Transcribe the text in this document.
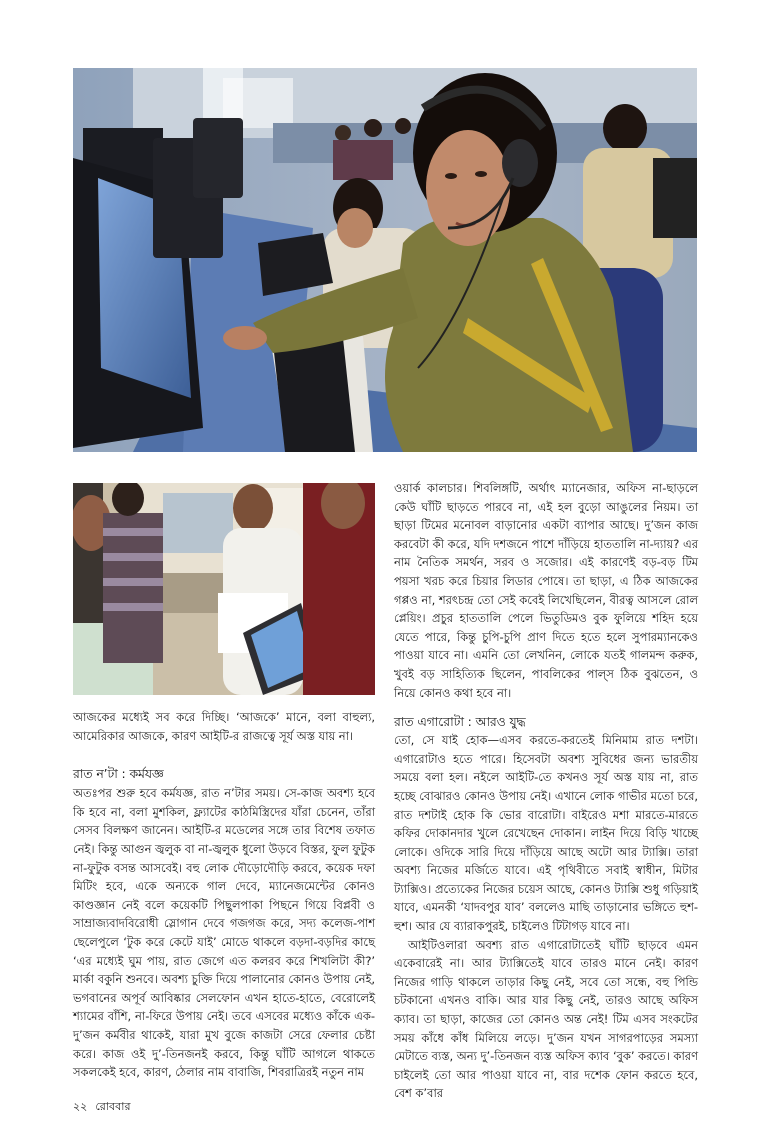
আজকের মধ্যেই সব করে দিচ্ছি। ‘আজকে’ মানে, বলা বাহুল্য, আমেরিকার আজকে, কারণ আইটি-র রাজত্বে সূর্য অস্ত যায় না।

রাত ন’টা : কর্মযজ্ঞ

অতঃপর শুরু হবে কর্মযজ্ঞ, রাত ন’টার সময়। সে-কাজ অবশ্য হবে কি হবে না, বলা মুশকিল, ফ্ল্যাটের কাঠমিস্ত্রিদের যাঁরা চেনেন, তাঁরা সেসব বিলক্ষণ জানেন। আইটি-র মডেলের সঙ্গে তার বিশেষ তফাত নেই। কিন্তু আগুন জ্বলুক বা না-জ্বলুক ধুলো উড়বে বিস্তর, ফুল ফুটুক না-ফুটুক বসন্ত আসবেই। বহু লোক দৌড়োদৌড়ি করবে, কয়েক দফা মিটিং হবে, একে অন্যকে গাল দেবে, ম্যানেজমেন্টের কোনও কাণ্ডজ্ঞান নেই বলে কয়েকটি পিছুলপাকা পিছনে গিয়ে বিপ্লবী ও সাম্রাজ্যবাদবিরোধী স্লোগান দেবে গজগজ করে, সদ্য কলেজ-পাশ ছেলেপুলে ‘টুক করে কেটে যাই’ মোডে থাকলে বড়দা-বড়দির কাছে ‘এর মধ্যেই ঘুম পায়, রাত জেগে এত কলরব করে শিখলিটা কী?’ মার্কা বকুনি শুনবে। অবশ্য চুক্তি দিয়ে পালানোর কোনও উপায় নেই, ভগবানের অপূর্ব আবিষ্কার সেলফোন এখন হাতে-হাতে, বেরোলেই শ্যামের বাঁশি, না-ফিরে উপায় নেই। তবে এসবের মধ্যেও কাঁকে এক-দু’জন কর্মবীর থাকেই, যারা মুখ বুজে কাজটা সেরে ফেলার চেষ্টা করে। কাজ ওই দু’-তিনজনই করবে, কিন্তু ঘাঁটি আগলে থাকতে সকলকেই হবে, কারণ, ঠেলার নাম বাবাজি, শিবরাত্রিরই নতুন নাম

ওয়ার্ক কালচার। শিবলিঙ্গটি, অর্থাৎ ম্যানেজার, অফিস না-ছাড়লে কেউ ঘাঁটি ছাড়তে পারবে না, এই হল বুড়ো আঙুলের নিয়ম। তা ছাড়া টিমের মনোবল বাড়ানোর একটা ব্যাপার আছে। দু’জন কাজ করবেটা কী করে, যদি দশজনে পাশে দাঁড়িয়ে হাততালি না-দ্যায়? এর নাম নৈতিক সমর্থন, সরব ও সজোর। এই কারণেই বড়-বড় টিম পয়সা খরচ করে চিয়ার লিডার পোষে। তা ছাড়া, এ ঠিক আজকের গপ্পও না, শরৎচন্দ্র তো সেই কবেই লিখেছিলেন, বীরত্ব আসলে রোল প্লেয়িং। প্রচুর হাততালি পেলে ভিতুডিমও বুক ফুলিয়ে শহিদ হয়ে যেতে পারে, কিন্তু চুপি-চুপি প্রাণ দিতে হতে হলে সুপারম্যানকেও পাওয়া যাবে না। এমনি তো লেখনিন, লোকে যতই গালমন্দ করুক, খুবই বড় সাহিত্যিক ছিলেন, পাবলিকের পাল্স ঠিক বুঝতেন, ও নিয়ে কোনও কথা হবে না।

রাত এগারোটা : আরও যুদ্ধ

তো, সে যাই হোক—এসব করতে-করতেই মিনিমাম রাত দশটা। এগারোটাও হতে পারে। হিসেবটা অবশ্য সুবিধের জন্য ভারতীয় সময়ে বলা হল। নইলে আইটি-তে কখনও সূর্য অস্ত যায় না, রাত হচ্ছে বোঝারও কোনও উপায় নেই। এখানে লোক গাভীর মতো চরে, রাত দশটাই হোক কি ভোর বারোটা। বাইরেও মশা মারতে-মারতে কফির দোকানদার খুলে রেখেছেন দোকান। লাইন দিয়ে বিড়ি খাচ্ছে লোকে। ওদিকে সারি দিয়ে দাঁড়িয়ে আছে অটো আর ট্যাক্সি। তারা অবশ্য নিজের মর্জিতে যাবে। এই পৃথিবীতে সবাই স্বাধীন, মিটার ট্যাক্সিও। প্রত্যেকের নিজের চয়েস আছে, কোনও ট্যাক্সি শুধু গড়িয়াই যাবে, এমনকী ‘যাদবপুর যাব’ বললেও মাছি তাড়ানোর ভঙ্গিতে হুশ-হুশ। আর যে ব্যারাকপুরই, চাইলেও টিটাগড় যাবে না।

আইটিওলারা অবশ্য রাত এগারোটাতেই ঘাঁটি ছাড়বে এমন একেবারেই না। আর ট্যাক্সিতেই যাবে তারও মানে নেই। কারণ নিজের গাড়ি থাকলে তাড়ার কিছু নেই, সবে তো সন্ধে, বহু পিন্ডি চটকানো এখনও বাকি। আর যার কিছু নেই, তারও আছে অফিস ক্যাব। তা ছাড়া, কাজের তো কোনও অন্ত নেই! টিম এসব সংকটের সময় কাঁধে কাঁধ মিলিয়ে লড়ে। দু’জন যখন সাগরপাড়ের সমস্যা মেটাতে ব্যস্ত, অন্য দু’-তিনজন ব্যস্ত অফিস ক্যাব ‘বুক’ করতে। কারণ চাইলেই তো আর পাওয়া যাবে না, বার দশেক ফোন করতে হবে, বেশ ক’বার

২২ রোববার
